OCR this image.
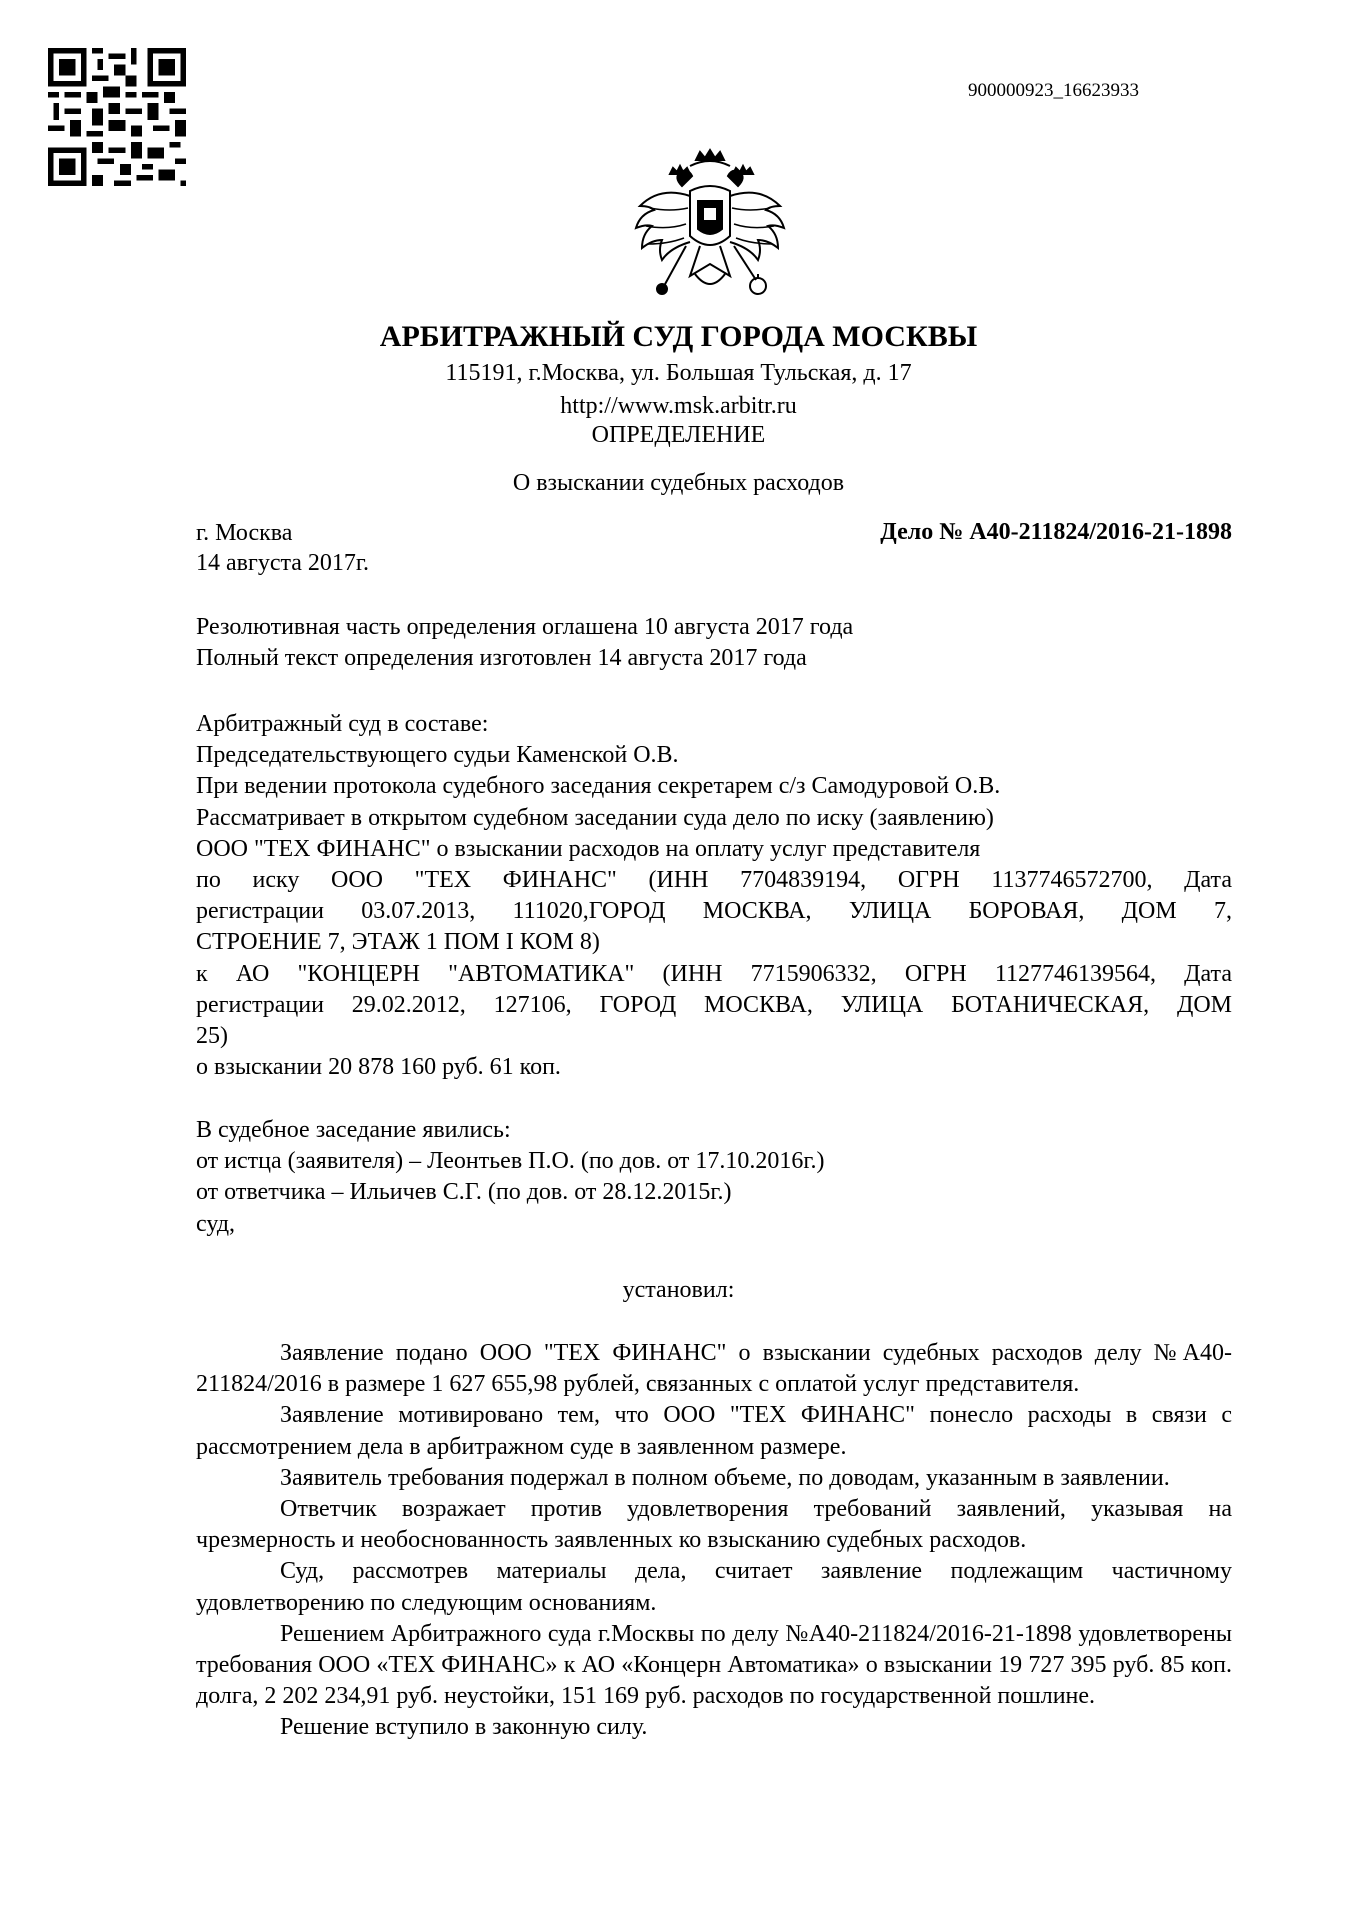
900000923_16623933
АРБИТРАЖНЫЙ СУД ГОРОДА МОСКВЫ
115191, г.Москва, ул. Большая Тульская, д. 17
http://www.msk.arbitr.ru
ОПРЕДЕЛЕНИЕ
О взыскании судебных расходов
г. Москва
14 августа 2017г.
Дело № А40-211824/2016-21-1898
Резолютивная часть определения оглашена 10 августа 2017 года
Полный текст определения изготовлен 14 августа 2017 года
Арбитражный суд в составе:
Председательствующего судьи Каменской О.В.
При ведении протокола судебного заседания секретарем с/з Самодуровой О.В.
Рассматривает в открытом судебном заседании суда дело по иску (заявлению)
ООО "ТЕХ ФИНАНС" о взыскании расходов на оплату услуг представителя
по иску ООО "ТЕХ ФИНАНС" (ИНН 7704839194, ОГРН 1137746572700, Дата
регистрации 03.07.2013, 111020,ГОРОД МОСКВА, УЛИЦА БОРОВАЯ, ДОМ 7,
СТРОЕНИЕ 7, ЭТАЖ 1 ПОМ I КОМ 8)
к АО "КОНЦЕРН "АВТОМАТИКА" (ИНН 7715906332, ОГРН 1127746139564, Дата
регистрации 29.02.2012, 127106, ГОРОД МОСКВА, УЛИЦА БОТАНИЧЕСКАЯ, ДОМ
25)
о взыскании 20 878 160 руб. 61 коп.
В судебное заседание явились:
от истца (заявителя) – Леонтьев П.О. (по дов. от 17.10.2016г.)
от ответчика – Ильичев С.Г. (по дов. от 28.12.2015г.)
суд,
установил:
Заявление подано ООО "ТЕХ ФИНАНС" о взыскании судебных расходов делу №А40-211824/2016 в размере 1 627 655,98 рублей, связанных с оплатой услуг представителя.
Заявление мотивировано тем, что ООО "ТЕХ ФИНАНС" понесло расходы в связи с рассмотрением дела в арбитражном суде в заявленном размере.
Заявитель требования подержал в полном объеме, по доводам, указанным в заявлении.
Ответчик возражает против удовлетворения требований заявлений, указывая на чрезмерность и необоснованность заявленных ко взысканию судебных расходов.
Суд, рассмотрев материалы дела, считает заявление подлежащим частичному удовлетворению по следующим основаниям.
Решением Арбитражного суда г.Москвы по делу №А40-211824/2016-21-1898 удовлетворены требования ООО «ТЕХ ФИНАНС» к АО «Концерн Автоматика» о взыскании 19 727 395 руб. 85 коп. долга, 2 202 234,91 руб. неустойки, 151 169 руб. расходов по государственной пошлине.
Решение вступило в законную силу.
